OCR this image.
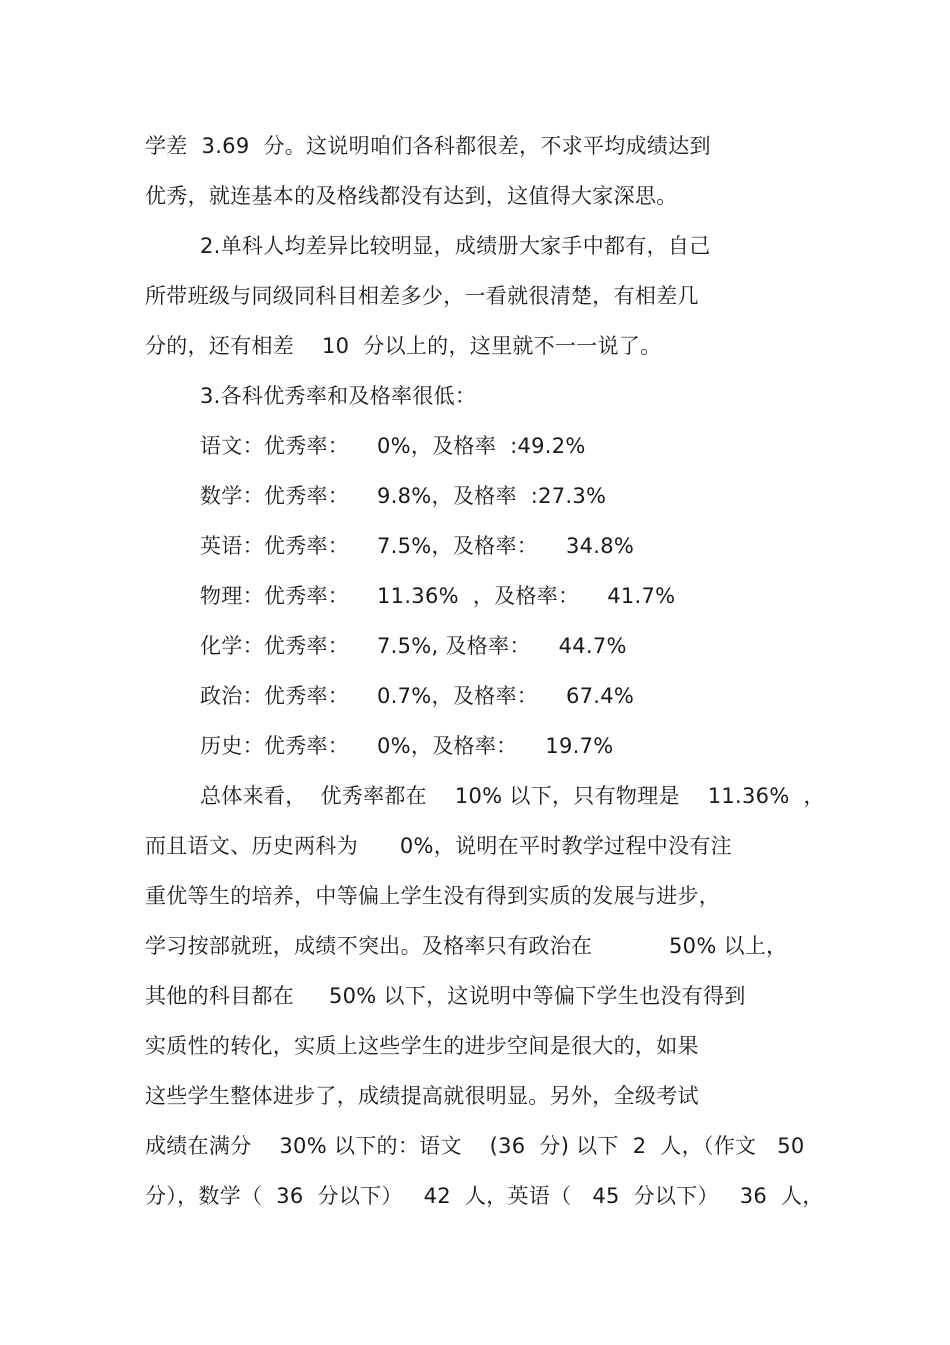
学差  3.69  分。这说明咱们各科都很差，不求平均成绩达到
优秀，就连基本的及格线都没有达到，这值得大家深思。
2.单科人均差异比较明显，成绩册大家手中都有，自己
所带班级与同级同科目相差多少，一看就很清楚，有相差几
分的，还有相差    10  分以上的，这里就不一一说了。
3.各科优秀率和及格率很低：
语文：优秀率：    0%，及格率  :49.2%
数学：优秀率：    9.8%，及格率  :27.3%
英语：优秀率：    7.5%，及格率：    34.8%
物理：优秀率：    11.36%  ，及格率：    41.7%
化学：优秀率：    7.5%, 及格率：    44.7%
政治：优秀率：    0.7%，及格率：    67.4%
历史：优秀率：    0%，及格率：    19.7%
总体来看，  优秀率都在    10% 以下，只有物理是    11.36%  ，
而且语文、历史两科为      0%，说明在平时教学过程中没有注
重优等生的培养，中等偏上学生没有得到实质的发展与进步，
学习按部就班，成绩不突出。及格率只有政治在           50% 以上，
其他的科目都在     50% 以下，这说明中等偏下学生也没有得到
实质性的转化，实质上这些学生的进步空间是很大的，如果
这些学生整体进步了，成绩提高就很明显。另外，全级考试
成绩在满分    30% 以下的：语文    (36  分) 以下  2  人，（作文   50
分），数学（  36  分以下）   42  人，英语（   45  分以下）   36  人，
